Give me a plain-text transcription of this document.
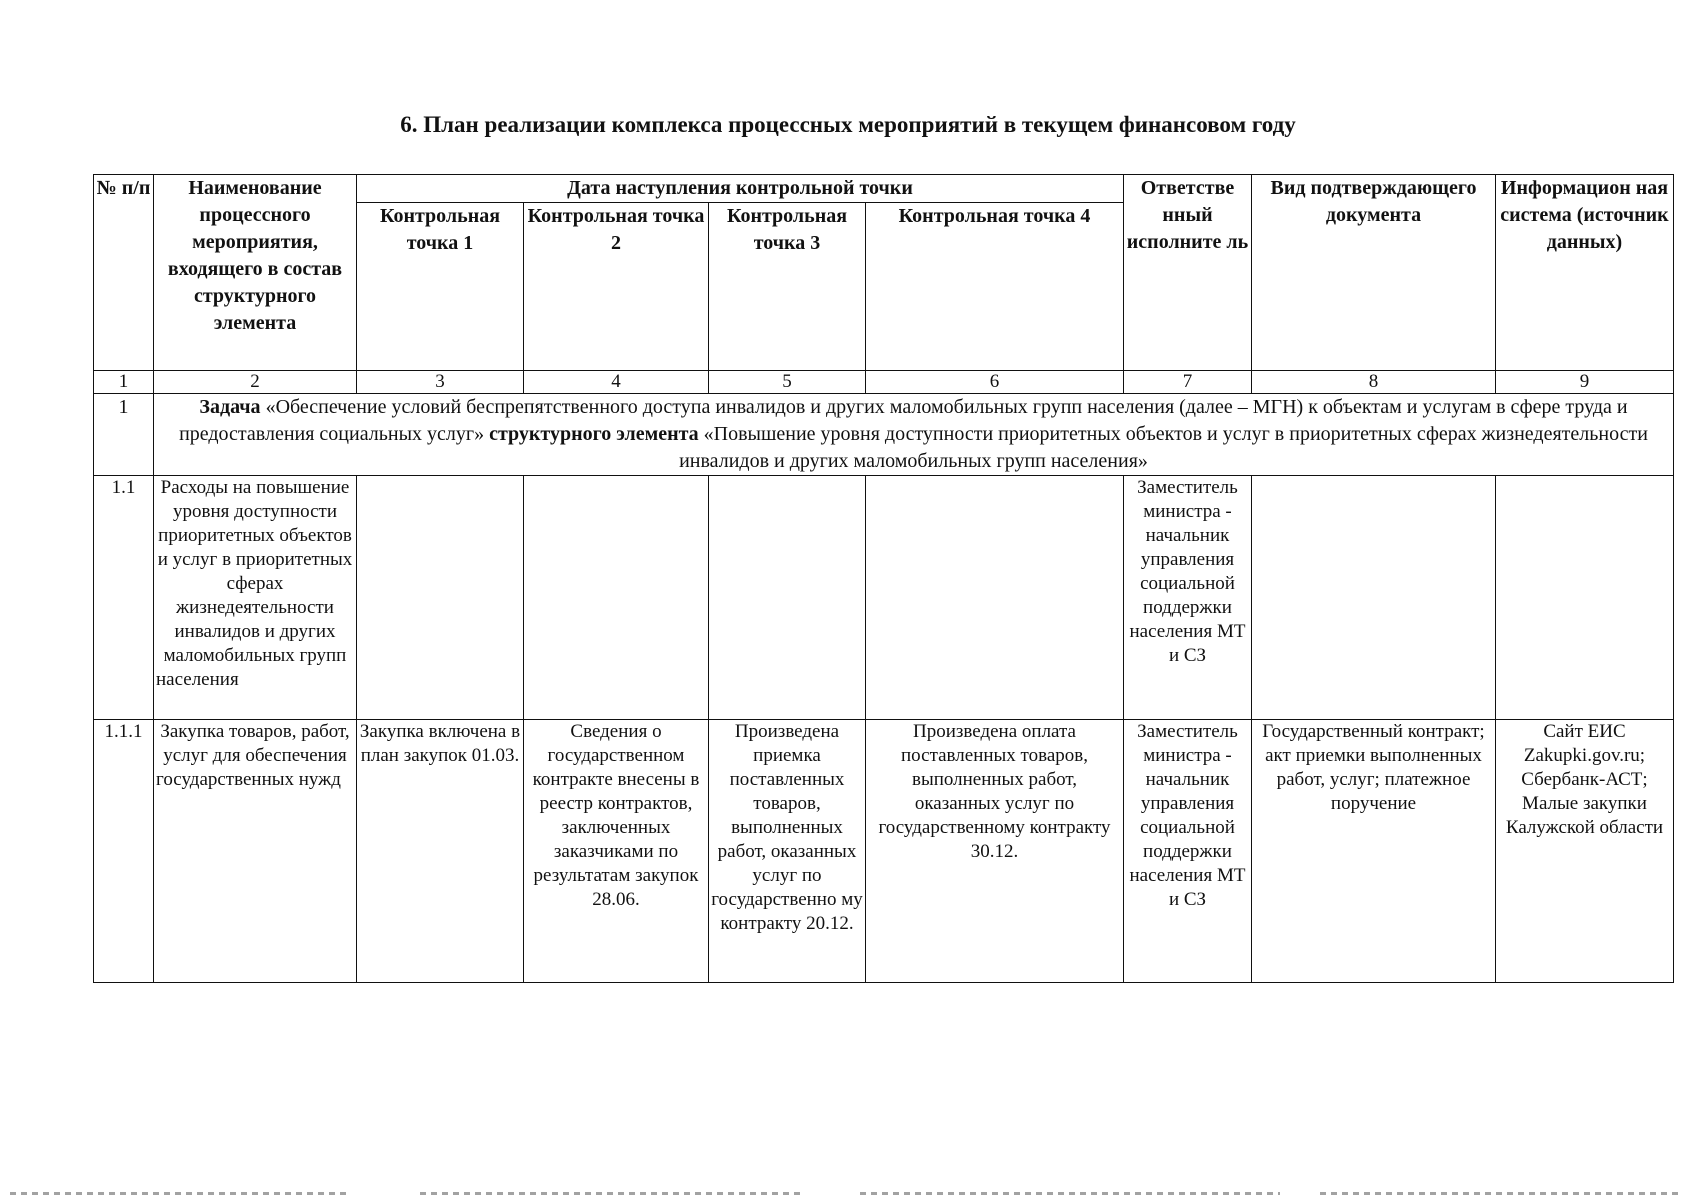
6. План реализации комплекса процессных мероприятий в текущем финансовом году
№ п/п	Наименование процессного мероприятия, входящего в состав структурного элемента	Дата наступления контрольной точки				Ответстве нный исполните ль	Вид подтверждающего документа	Информацион ная система (источник данных)
		Контрольная точка 1	Контрольная точка 2	Контрольная точка 3	Контрольная точка 4			
1	2	3	4	5	6	7	8	9
1	Задача «Обеспечение условий беспрепятственного доступа инвалидов и других маломобильных групп населения (далее – МГН) к объектам и услугам в сфере труда и предоставления социальных услуг» структурного элемента «Повышение уровня доступности приоритетных объектов и услуг в приоритетных сферах жизнедеятельности инвалидов и других маломобильных групп населения»							
1.1	Расходы на повышение уровня доступности приоритетных объектов и услуг в приоритетных сферах жизнедеятельности инвалидов и других маломобильных групп населения					Заместитель министра - начальник управления социальной поддержки населения МТ и СЗ		
1.1.1	Закупка товаров, работ, услуг для обеспечения государственных нужд	Закупка включена в план закупок 01.03.	Сведения о государственном контракте внесены в реестр контрактов, заключенных заказчиками по результатам закупок 28.06.	Произведена приемка поставленных товаров, выполненных работ, оказанных услуг по государственно му контракту 20.12.	Произведена оплата поставленных товаров, выполненных работ, оказанных услуг по государственному контракту 30.12.	Заместитель министра - начальник управления социальной поддержки населения МТ и СЗ	Государственный контракт; акт приемки выполненных работ, услуг; платежное поручение	Сайт ЕИС Zakupki.gov.ru; Сбербанк-АСТ; Малые закупки Калужской области
